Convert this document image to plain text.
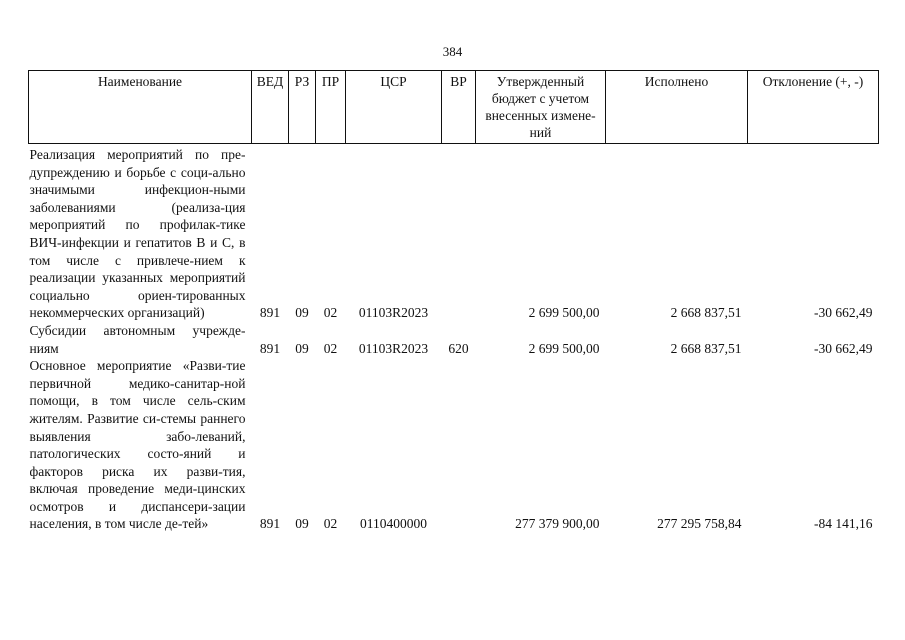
384
Наименование	ВЕД	РЗ	ПР	ЦСР	ВР	Утвержденный бюджет с учетом внесенных измене-ний	Исполнено	Отклонение (+, -)
Реализация мероприятий по пре-дупреждению и борьбе с соци-ально значимыми инфекцион-ными заболеваниями (реализа-ция мероприятий по профилак-тике ВИЧ-инфекции и гепатитов В и С, в том числе с привлече-нием к реализации указанных мероприятий социально ориен-тированных некоммерческих организаций)	891	09	02	01103R2023		2 699 500,00	2 668 837,51	-30 662,49
Субсидии автономным учрежде-ниям	891	09	02	01103R2023	620	2 699 500,00	2 668 837,51	-30 662,49
Основное мероприятие «Разви-тие первичной медико-санитар-ной помощи, в том числе сель-ским жителям. Развитие си-стемы раннего выявления забо-леваний, патологических состо-яний и факторов риска их разви-тия, включая проведение меди-цинских осмотров и диспансери-зации населения, в том числе де-тей»	891	09	02	0110400000		277 379 900,00	277 295 758,84	-84 141,16
